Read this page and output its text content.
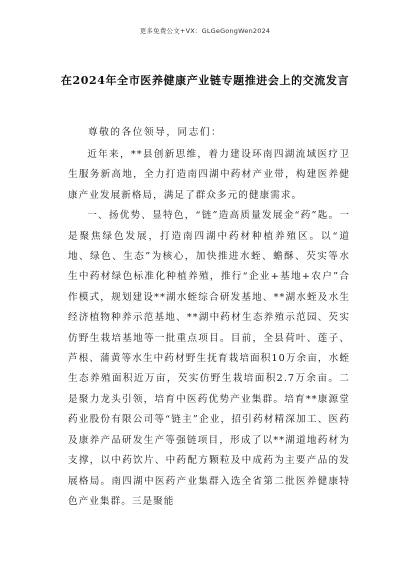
更多免费公文+VX：GLGeGongWen2024
在2024年全市医养健康产业链专题推进会上的交流发言
尊敬的各位领导，同志们：

近年来，**县创新思维，着力建设环南四湖流域医疗卫生服务新高地，全力打造南四湖中药材产业带，构建医养健康产业发展新格局，满足了群众多元的健康需求。

一、扬优势、显特色，“链”造高质量发展金“药”匙。一是聚焦绿色发展，打造南四湖中药材种植养殖区。以“道地、绿色、生态”为核心，加快推进水蛭、蟾酥、芡实等水生中药材绿色标准化种植养殖，推行“企业+基地+农户”合作模式，规划建设**湖水蛭综合研发基地、**湖水蛭及水生经济植物种养示范基地、**湖中药材生态养殖示范园、芡实仿野生栽培基地等一批重点项目。目前，全县荷叶、莲子、芦根、蒲黄等水生中药材野生抚育栽培面积10万余亩，水蛭生态养殖面积近万亩，芡实仿野生栽培面积2.7万余亩。二是聚力龙头引领，培育中医药优势产业集群。培育**康源堂药业股份有限公司等“链主”企业，招引药材精深加工、医药及康养产品研发生产等强链项目，形成了以**湖道地药材为支撑，以中药饮片、中药配方颗粒及中成药为主要产品的发展格局。南四湖中医药产业集群入选全省第二批医养健康特色产业集群。三是聚能
